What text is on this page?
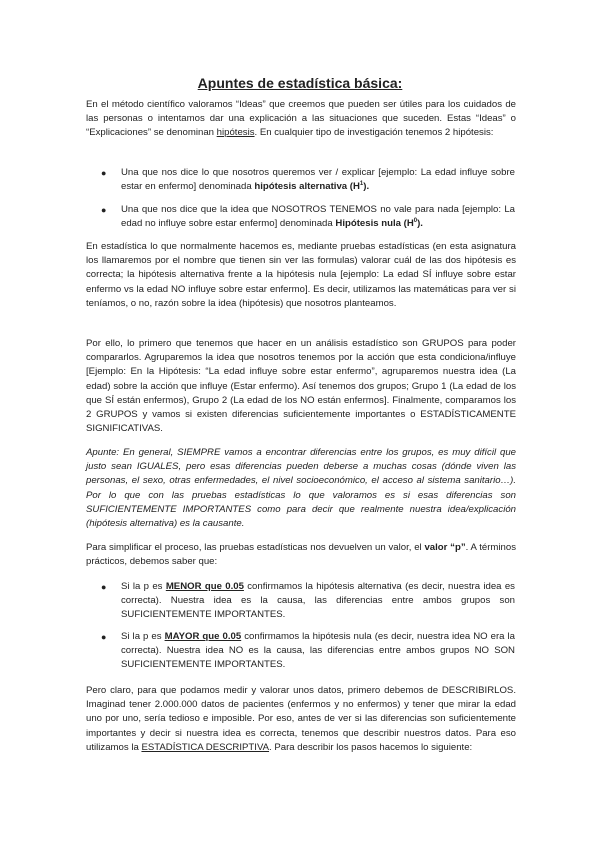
Apuntes de estadística básica:

En el método científico valoramos “Ideas” que creemos que pueden ser útiles para los cuidados de las personas o intentamos dar una explicación a las situaciones que suceden. Estas “Ideas” o “Explicaciones” se denominan hipótesis. En cualquier tipo de investigación tenemos 2 hipótesis:

● Una que nos dice lo que nosotros queremos ver / explicar [ejemplo: La edad influye sobre estar en enfermo] denominada hipótesis alternativa $(H^1)$.

● Una que nos dice que la idea que NOSOTROS TENEMOS no vale para nada [ejemplo: La edad no influye sobre estar enfermo] denominada Hipótesis nula $(H^0)$.

En estadística lo que normalmente hacemos es, mediante pruebas estadísticas (en esta asignatura los llamaremos por el nombre que tienen sin ver las formulas) valorar cuál de las dos hipótesis es correcta; la hipótesis alternativa frente a la hipótesis nula [ejemplo: La edad SÍ influye sobre estar enfermo vs la edad NO influye sobre estar enfermo]. Es decir, utilizamos las matemáticas para ver si teníamos, o no, razón sobre la idea (hipótesis) que nosotros planteamos.

Por ello, lo primero que tenemos que hacer en un análisis estadístico son GRUPOS para poder compararlos. Agruparemos la idea que nosotros tenemos por la acción que esta condiciona/influye [Ejemplo: En la Hipótesis: “La edad influye sobre estar enfermo”, agruparemos nuestra idea (La edad) sobre la acción que influye (Estar enfermo). Así tenemos dos grupos; Grupo 1 (La edad de los que SÍ están enfermos), Grupo 2 (La edad de los NO están enfermos]. Finalmente, comparamos los 2 GRUPOS y vamos si existen diferencias suficientemente importantes o ESTADÍSTICAMENTE SIGNIFICATIVAS.

Apunte: En general, SIEMPRE vamos a encontrar diferencias entre los grupos, es muy difícil que justo sean IGUALES, pero esas diferencias pueden deberse a muchas cosas (dónde viven las personas, el sexo, otras enfermedades, el nivel socioeconómico, el acceso al sistema sanitario…). Por lo que con las pruebas estadísticas lo que valoramos es si esas diferencias son SUFICIENTEMENTE IMPORTANTES como para decir que realmente nuestra idea/explicación (hipótesis alternativa) es la causante.

Para simplificar el proceso, las pruebas estadísticas nos devuelven un valor, el valor “p”. A términos prácticos, debemos saber que:

● Si la p es MENOR que 0.05 confirmamos la hipótesis alternativa (es decir, nuestra idea es correcta). Nuestra idea es la causa, las diferencias entre ambos grupos son SUFICIENTEMENTE IMPORTANTES.

● Si la p es MAYOR que 0.05 confirmamos la hipótesis nula (es decir, nuestra idea NO era la correcta). Nuestra idea NO es la causa, las diferencias entre ambos grupos NO SON SUFICIENTEMENTE IMPORTANTES.

Pero claro, para que podamos medir y valorar unos datos, primero debemos de DESCRIBIRLOS. Imaginad tener 2.000.000 datos de pacientes (enfermos y no enfermos) y tener que mirar la edad uno por uno, sería tedioso e imposible. Por eso, antes de ver si las diferencias son suficientemente importantes y decir si nuestra idea es correcta, tenemos que describir nuestros datos. Para eso utilizamos la ESTADÍSTICA DESCRIPTIVA. Para describir los pasos hacemos lo siguiente:
